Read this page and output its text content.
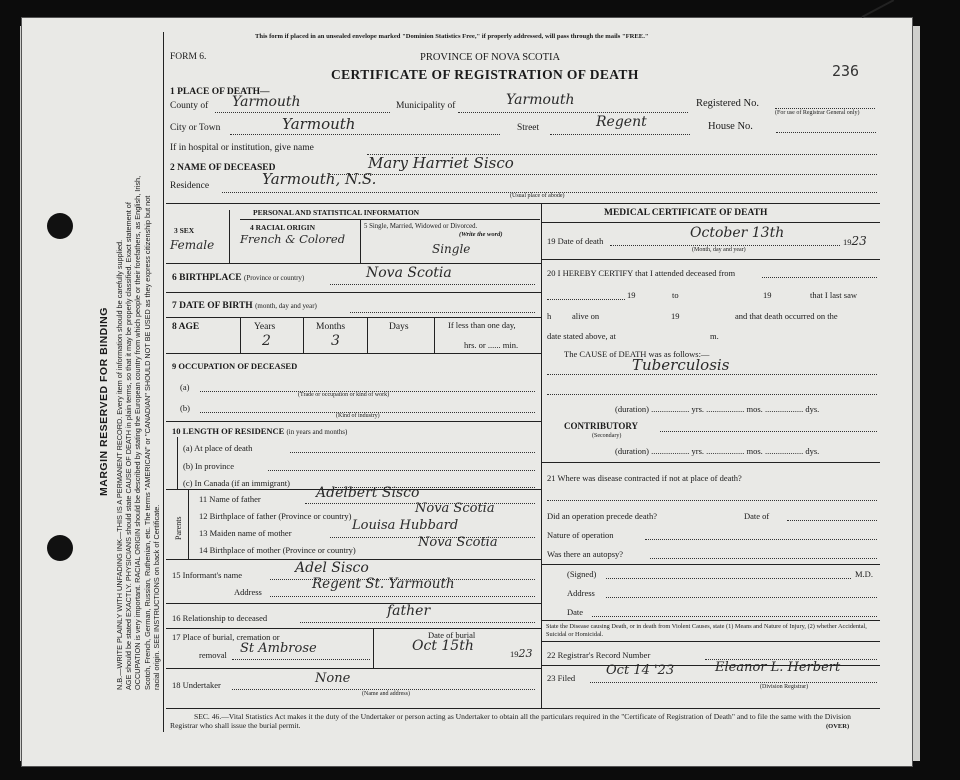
MARGIN RESERVED FOR BINDING N.B.—WRITE PLAINLY WITH UNFADING INK—THIS IS A PERMANENT RECORD. Every item of information should be carefully supplied. AGE should be stated EXACTLY. PHYSICIANS should state CAUSE OF DEATH in plain terms, so that it may be properly classified. Exact statement of OCCUPATION is very important. RACIAL ORIGIN should be described by stating the European country from which people or their forefathers, as English, Irish, Scotch, French, German, Russian, Ruthenian, etc. The terms "AMERICAN" or "CANADIAN" SHOULD NOT BE USED as they express citizenship but not racial origin. SEE INSTRUCTIONS on back of Certificate.
This form if placed in an unsealed envelope marked "Dominion Statistics Free," if properly addressed, will pass through the mails "FREE."
FORM 6.	PROVINCE OF NOVA SCOTIA
CERTIFICATE OF REGISTRATION OF DEATH	236
1 PLACE OF DEATH—
County of Yarmouth	Municipality of	Yarmouth	Registered No.
(For use of Registrar General only)
City or Town	Yarmouth	Street	Regent	House No.
If in hospital or institution, give name
2 NAME OF DECEASED	Mary Harriet Sisco
Residence	Yarmouth, N.S.
(Usual place of abode)
PERSONAL AND STATISTICAL INFORMATION
3 SEX
Female
4 RACIAL ORIGIN
French & Colored
5 Single, Married, Widowed or Divorced.
(Write the word)
Single
6 BIRTHPLACE (Province or country)	Nova Scotia
7 DATE OF BIRTH (month, day and year)
8 AGE	Years
2
Months
3
Days	If less than one day,
hrs. or ...... min.
9 OCCUPATION OF DECEASED
(a)
(Trade or occupation or kind of work)
(b)
(Kind of industry)
10 LENGTH OF RESIDENCE (in years and months)
(a) At place of death
(b) In province
(c) In Canada (if an immigrant)
Parents
11 Name of father	Adelbert Sisco
12 Birthplace of father (Province or country)	Nova Scotia
13 Maiden name of mother	Louisa Hubbard
14 Birthplace of mother (Province or country)	Nova Scotia
15 Informant's name	Adel Sisco
Address	Regent St. Yarmouth
16 Relationship to deceased	father
17 Place of burial, cremation or
removal St Ambrose
Date of burial
Oct 15th	1923
18 Undertaker	None
(Name and address)
MEDICAL CERTIFICATE OF DEATH
19 Date of death	October 13th
1923
(Month, day and year)
20 I HEREBY CERTIFY that I attended deceased from
19	to	19	that I last saw
h alive on	19	and that death occurred on the
date stated above, at	m.
The CAUSE of DEATH was as follows:—
Tuberculosis
(duration) .................. yrs. .................. mos. .................. dys.
CONTRIBUTORY
(Secondary)
(duration) .................. yrs. .................. mos. .................. dys.
21 Where was disease contracted if not at place of death?
Did an operation precede death?	Date of
Nature of operation
Was there an autopsy?
(Signed)	M.D.
Address
Date
State the Disease causing Death, or in death from Violent Causes, state (1) Means and Nature of Injury, (2) whether Accidental, Suicidal or Homicidal.
22 Registrar's Record Number
23 Filed Oct 14 '23	Eleanor L. Herbert
(Division Registrar)
SEC. 46.—Vital Statistics Act makes it the duty of the Undertaker or person acting as Undertaker to obtain all the particulars required in the "Certificate of Registration of Death" and to file the same with the Division Registrar who shall issue the burial permit.	(OVER)
